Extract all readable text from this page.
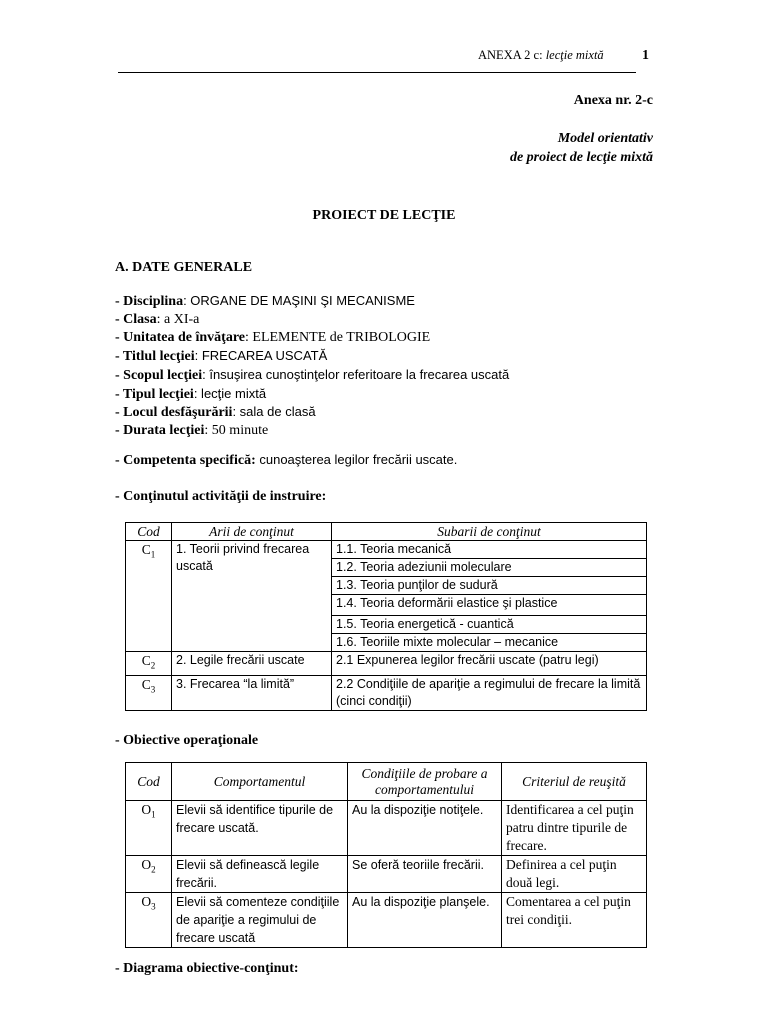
ANEXA 2 c: lecţie mixtă	1
Anexa nr. 2-c
Model orientativ
de proiect de lecţie mixtă
PROIECT DE LECŢIE
A. DATE GENERALE
- Disciplina: ORGANE DE MAŞINI ŞI MECANISME
- Clasa: a XI-a
- Unitatea de învăţare: ELEMENTE de TRIBOLOGIE
- Titlul lecţiei: FRECAREA USCATĂ
- Scopul lecţiei: însuşirea cunoştinţelor referitoare la frecarea uscată
- Tipul lecţiei: lecţie mixtă
- Locul desfăşurării: sala de clasă
- Durata lecţiei: 50 minute
- Competenta specifică: cunoaşterea legilor frecării uscate.
- Conţinutul activităţii de instruire:
Cod	Arii de conţinut	Subarii de conţinut
$C_1$	1. Teorii privind frecarea uscată	1.1. Teoria mecanică
		1.2. Teoria adeziunii moleculare
		1.3. Teoria punţilor de sudură
		1.4. Teoria deformării elastice şi plastice
		1.5. Teoria energetică - cuantică
		1.6. Teoriile mixte molecular – mecanice
$C_2$	2. Legile frecării uscate	2.1 Expunerea legilor frecării uscate (patru legi)
$C_3$	3. Frecarea “la limită”	2.2 Condiţiile de apariţie a regimului de frecare la limită (cinci condiţii)
- Obiective operaţionale
Cod	Comportamentul	Condiţiile de probare a comportamentului	Criteriul de reuşită
$O_1$	Elevii să identifice tipurile de frecare uscată.	Au la dispoziţie notiţele.	Identificarea a cel puţin patru dintre tipurile de frecare.
$O_2$	Elevii să definească legile frecării.	Se oferă teoriile frecării.	Definirea a cel puţin două legi.
$O_3$	Elevii să comenteze condiţiile de apariţie a regimului de frecare uscată	Au la dispoziţie planşele.	Comentarea a cel puţin trei condiţii.
- Diagrama obiective-conţinut:
